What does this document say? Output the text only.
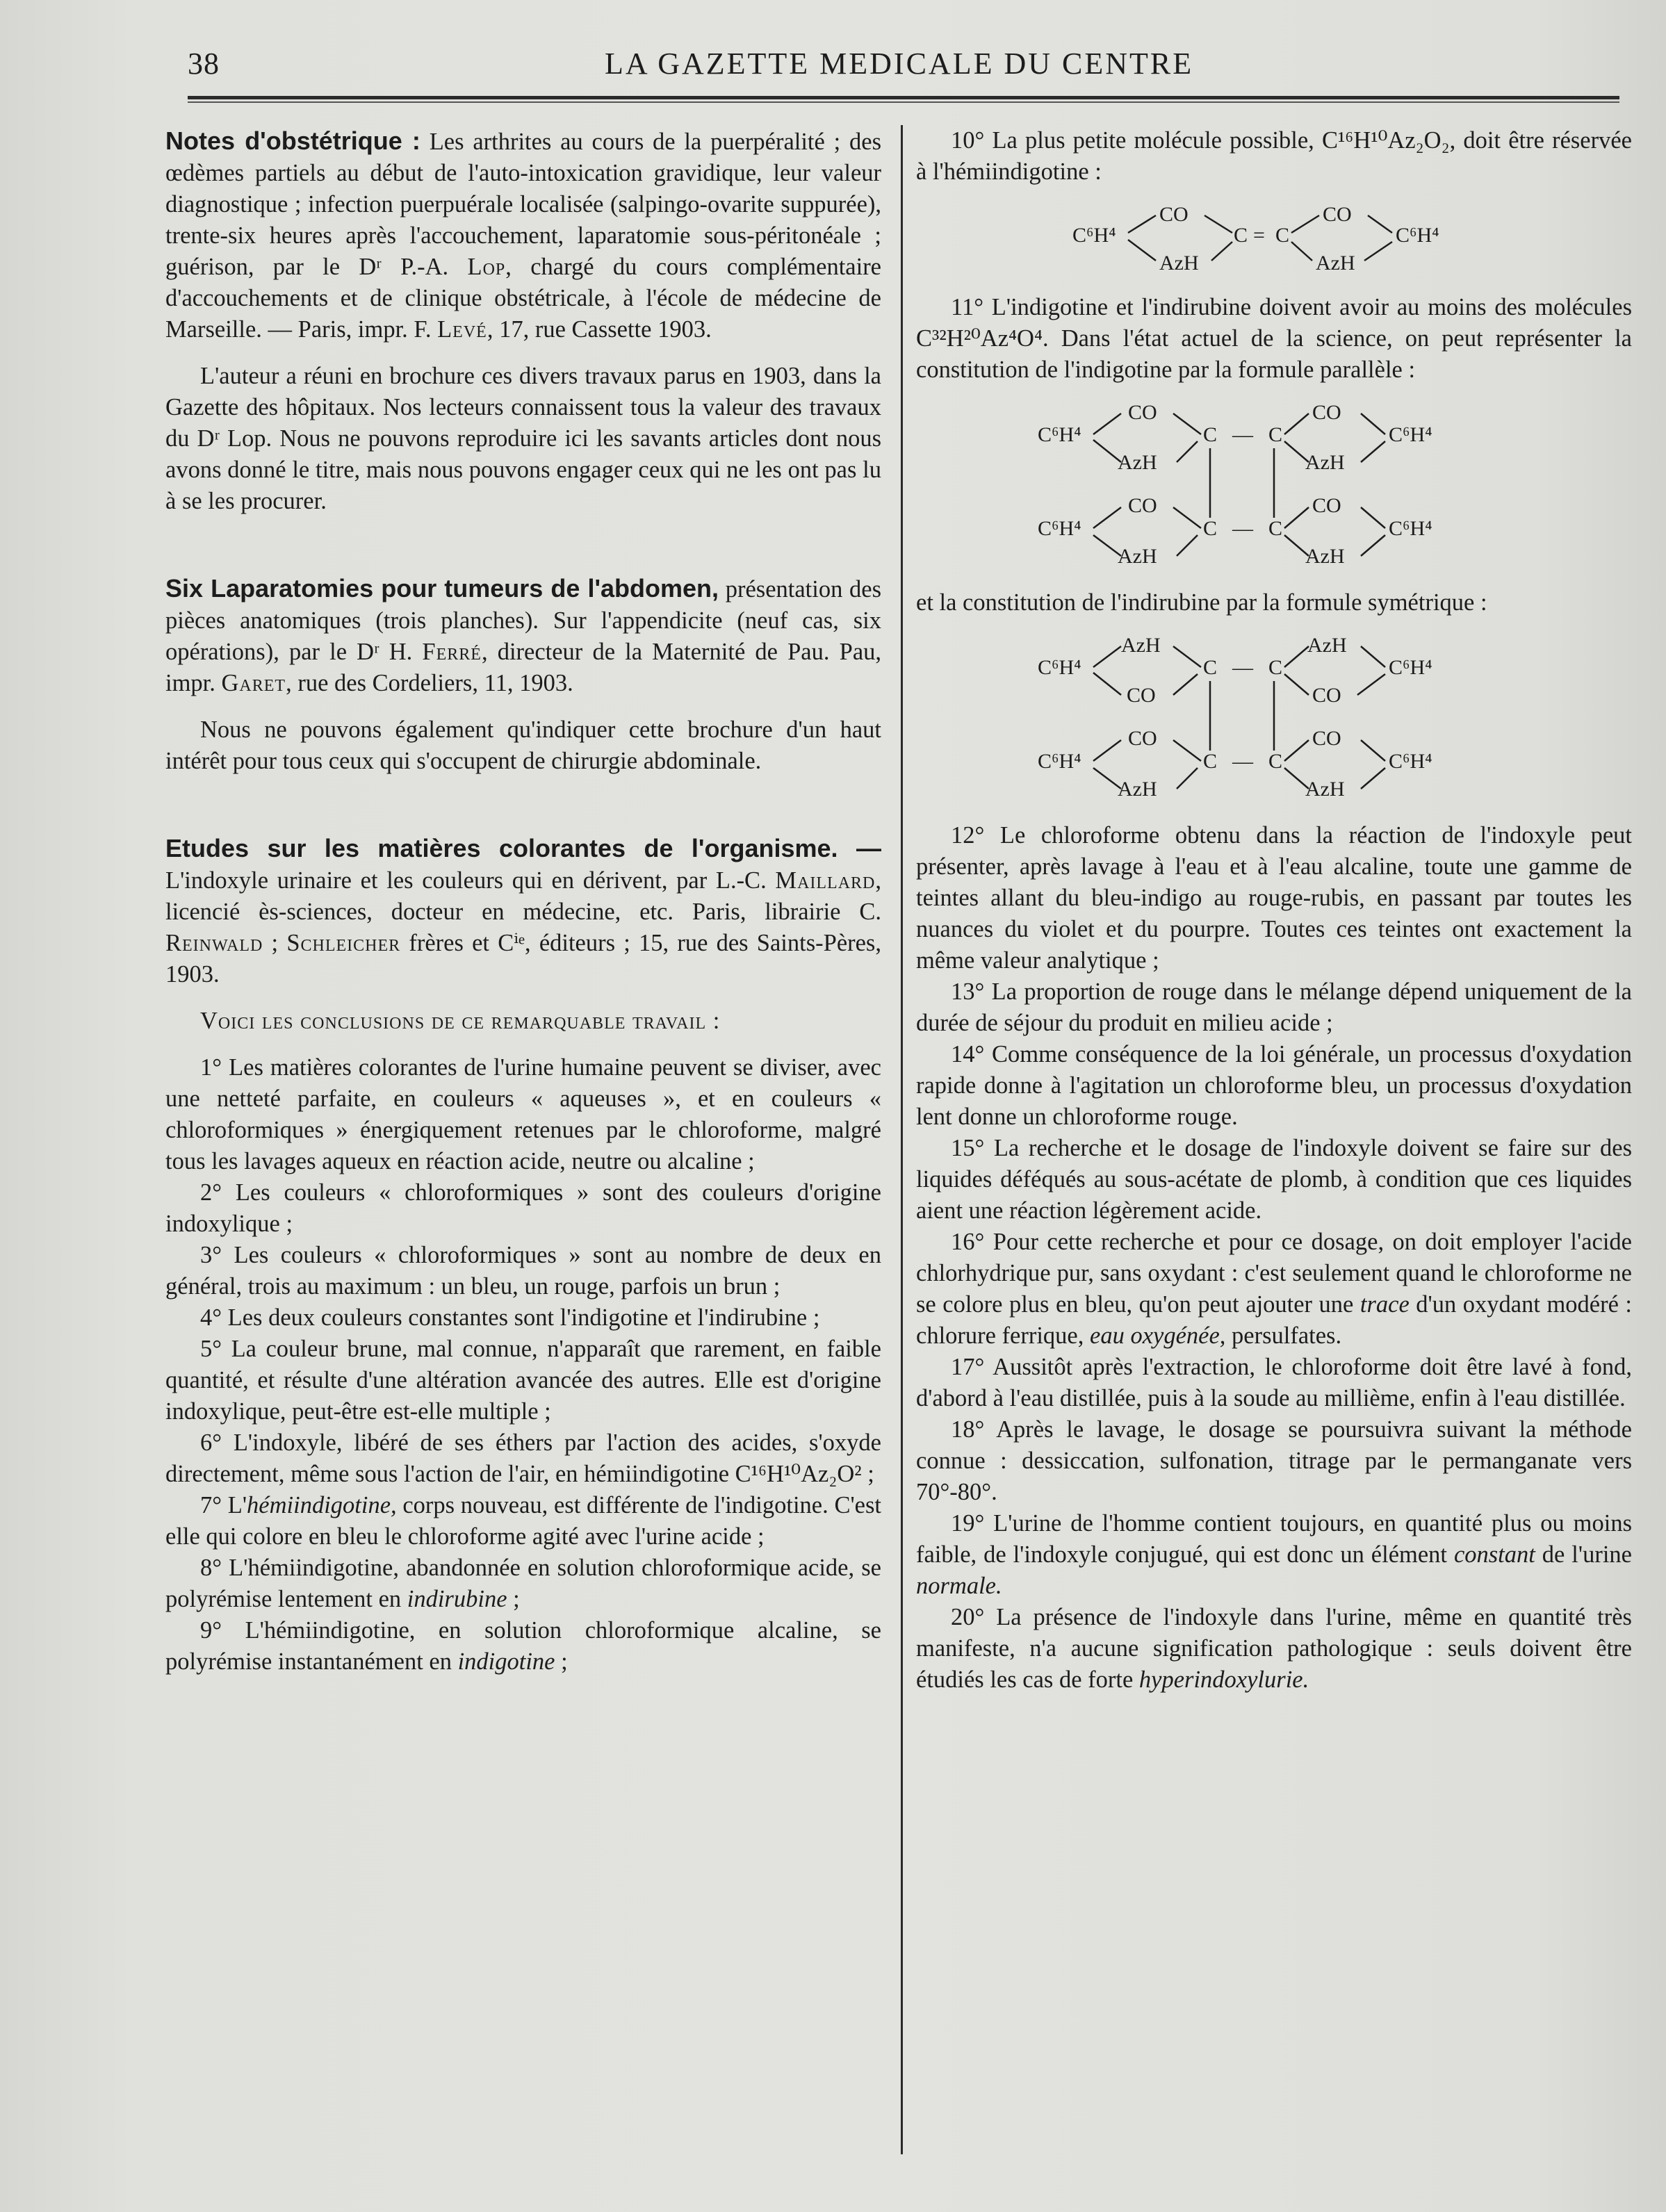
38	LA GAZETTE MEDICALE DU CENTRE

Notes d'obstétrique : Les arthrites au cours de la puerpéralité ; des œdèmes partiels au début de l'auto-intoxication gravidique, leur valeur diagnostique ; infection puerpuérale localisée (salpingo-ovarite suppurée), trente-six heures après l'accouchement, laparatomie sous-péritonéale ; guérison, par le Dʳ P.-A. Lop, chargé du cours complémentaire d'accouchements et de clinique obstétricale, à l'école de médecine de Marseille. — Paris, impr. F. Levé, 17, rue Cassette 1903.

L'auteur a réuni en brochure ces divers travaux parus en 1903, dans la Gazette des hôpitaux. Nos lecteurs connaissent tous la valeur des travaux du Dʳ Lop. Nous ne pouvons reproduire ici les savants articles dont nous avons donné le titre, mais nous pouvons engager ceux qui ne les ont pas lu à se les procurer.

Six Laparatomies pour tumeurs de l'abdomen, présentation des pièces anatomiques (trois planches). Sur l'appendicite (neuf cas, six opérations), par le Dʳ H. Ferré, directeur de la Maternité de Pau. Pau, impr. Garet, rue des Cordeliers, 11, 1903.

Nous ne pouvons également qu'indiquer cette brochure d'un haut intérêt pour tous ceux qui s'occupent de chirurgie abdominale.

Etudes sur les matières colorantes de l'organisme. — L'indoxyle urinaire et les couleurs qui en dérivent, par L.-C. Maillard, licencié ès-sciences, docteur en médecine, etc. Paris, librairie C. Reinwald ; Schleicher frères et Cⁱᵉ, éditeurs ; 15, rue des Saints-Pères, 1903.

Voici les conclusions de ce remarquable travail :

1° Les matières colorantes de l'urine humaine peuvent se diviser, avec une netteté parfaite, en couleurs « aqueuses », et en couleurs « chloroformiques » énergiquement retenues par le chloroforme, malgré tous les lavages aqueux en réaction acide, neutre ou alcaline ;

2° Les couleurs « chloroformiques » sont des couleurs d'origine indoxylique ;

3° Les couleurs « chloroformiques » sont au nombre de deux en général, trois au maximum : un bleu, un rouge, parfois un brun ;

4° Les deux couleurs constantes sont l'indigotine et l'indirubine ;

5° La couleur brune, mal connue, n'apparaît que rarement, en faible quantité, et résulte d'une altération avancée des autres. Elle est d'origine indoxylique, peut-être est-elle multiple ;

6° L'indoxyle, libéré de ses éthers par l'action des acides, s'oxyde directement, même sous l'action de l'air, en hémiindigotine C¹⁶H¹⁰Az₂O² ;

7° L'hémiindigotine, corps nouveau, est différente de l'indigotine. C'est elle qui colore en bleu le chloroforme agité avec l'urine acide ;

8° L'hémiindigotine, abandonnée en solution chloroformique acide, se polyrémise lentement en indirubine ;

9° L'hémiindigotine, en solution chloroformique alcaline, se polyrémise instantanément en indigotine ;

10° La plus petite molécule possible, C¹⁶H¹⁰Az₂O₂, doit être réservée à l'hémiindigotine :

C⁶H⁴
CO
AzH
C = C
CO
AzH
C⁶H⁴

11° L'indigotine et l'indirubine doivent avoir au moins des molécules C³²H²⁰Az⁴O⁴. Dans l'état actuel de la science, on peut représenter la constitution de l'indigotine par la formule parallèle :

C⁶H⁴
CO
AzH
C — C
CO
AzH
C⁶H⁴
C⁶H⁴
CO
AzH
C — C
CO
AzH
C⁶H⁴

et la constitution de l'indirubine par la formule symétrique :

C⁶H⁴
AzH
CO
C — C
AzH
CO
C⁶H⁴
C⁶H⁴
CO
AzH
C — C
CO
AzH
C⁶H⁴

12° Le chloroforme obtenu dans la réaction de l'indoxyle peut présenter, après lavage à l'eau et à l'eau alcaline, toute une gamme de teintes allant du bleu-indigo au rouge-rubis, en passant par toutes les nuances du violet et du pourpre. Toutes ces teintes ont exactement la même valeur analytique ;

13° La proportion de rouge dans le mélange dépend uniquement de la durée de séjour du produit en milieu acide ;

14° Comme conséquence de la loi générale, un processus d'oxydation rapide donne à l'agitation un chloroforme bleu, un processus d'oxydation lent donne un chloroforme rouge.

15° La recherche et le dosage de l'indoxyle doivent se faire sur des liquides déféqués au sous-acétate de plomb, à condition que ces liquides aient une réaction légèrement acide.

16° Pour cette recherche et pour ce dosage, on doit employer l'acide chlorhydrique pur, sans oxydant : c'est seulement quand le chloroforme ne se colore plus en bleu, qu'on peut ajouter une trace d'un oxydant modéré : chlorure ferrique, eau oxygénée, persulfates.

17° Aussitôt après l'extraction, le chloroforme doit être lavé à fond, d'abord à l'eau distillée, puis à la soude au millième, enfin à l'eau distillée.

18° Après le lavage, le dosage se poursuivra suivant la méthode connue : dessiccation, sulfonation, titrage par le permanganate vers 70°-80°.

19° L'urine de l'homme contient toujours, en quantité plus ou moins faible, de l'indoxyle conjugué, qui est donc un élément constant de l'urine normale.

20° La présence de l'indoxyle dans l'urine, même en quantité très manifeste, n'a aucune signification pathologique : seuls doivent être étudiés les cas de forte hyperindoxylurie.
